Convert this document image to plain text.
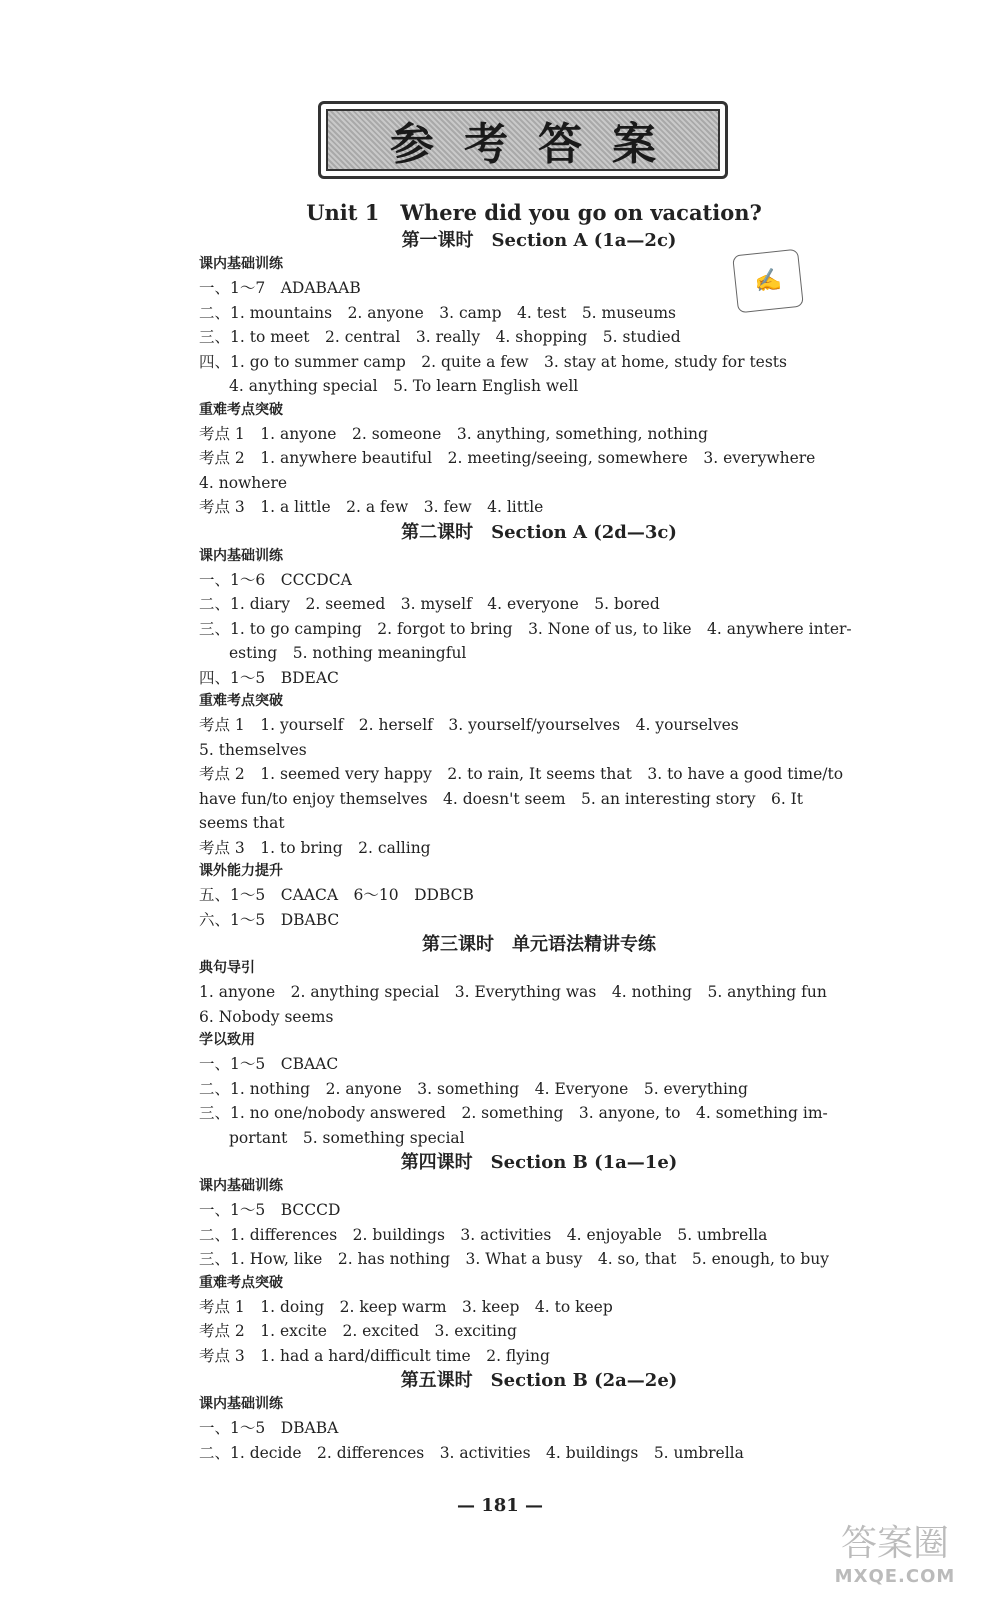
参考答案
✍
Unit 1　Where did you go on vacation?
第一课时　Section A (1a—2c)
课内基础训练
一、1～7　ADABAAB
二、1. mountains　2. anyone　3. camp　4. test　5. museums
三、1. to meet　2. central　3. really　4. shopping　5. studied
四、1. go to summer camp　2. quite a few　3. stay at home, study for tests
4. anything special　5. To learn English well
重难考点突破
考点 1　1. anyone　2. someone　3. anything, something, nothing
考点 2　1. anywhere beautiful　2. meeting/seeing, somewhere　3. everywhere
4. nowhere
考点 3　1. a little　2. a few　3. few　4. little
第二课时　Section A (2d—3c)
课内基础训练
一、1～6　CCCDCA
二、1. diary　2. seemed　3. myself　4. everyone　5. bored
三、1. to go camping　2. forgot to bring　3. None of us, to like　4. anywhere inter-
esting　5. nothing meaningful
四、1～5　BDEAC
重难考点突破
考点 1　1. yourself　2. herself　3. yourself/yourselves　4. yourselves
5. themselves
考点 2　1. seemed very happy　2. to rain, It seems that　3. to have a good time/to
have fun/to enjoy themselves　4. doesn't seem　5. an interesting story　6. It
seems that
考点 3　1. to bring　2. calling
课外能力提升
五、1～5　CAACA　6～10　DDBCB
六、1～5　DBABC
第三课时　单元语法精讲专练
典句导引
1. anyone　2. anything special　3. Everything was　4. nothing　5. anything fun
6. Nobody seems
学以致用
一、1～5　CBAAC
二、1. nothing　2. anyone　3. something　4. Everyone　5. everything
三、1. no one/nobody answered　2. something　3. anyone, to　4. something im-
portant　5. something special
第四课时　Section B (1a—1e)
课内基础训练
一、1～5　BCCCD
二、1. differences　2. buildings　3. activities　4. enjoyable　5. umbrella
三、1. How, like　2. has nothing　3. What a busy　4. so, that　5. enough, to buy
重难考点突破
考点 1　1. doing　2. keep warm　3. keep　4. to keep
考点 2　1. excite　2. excited　3. exciting
考点 3　1. had a hard/difficult time　2. flying
第五课时　Section B (2a—2e)
课内基础训练
一、1～5　DBABA
二、1. decide　2. differences　3. activities　4. buildings　5. umbrella
— 181 —
答案圈
MXQE.COM
